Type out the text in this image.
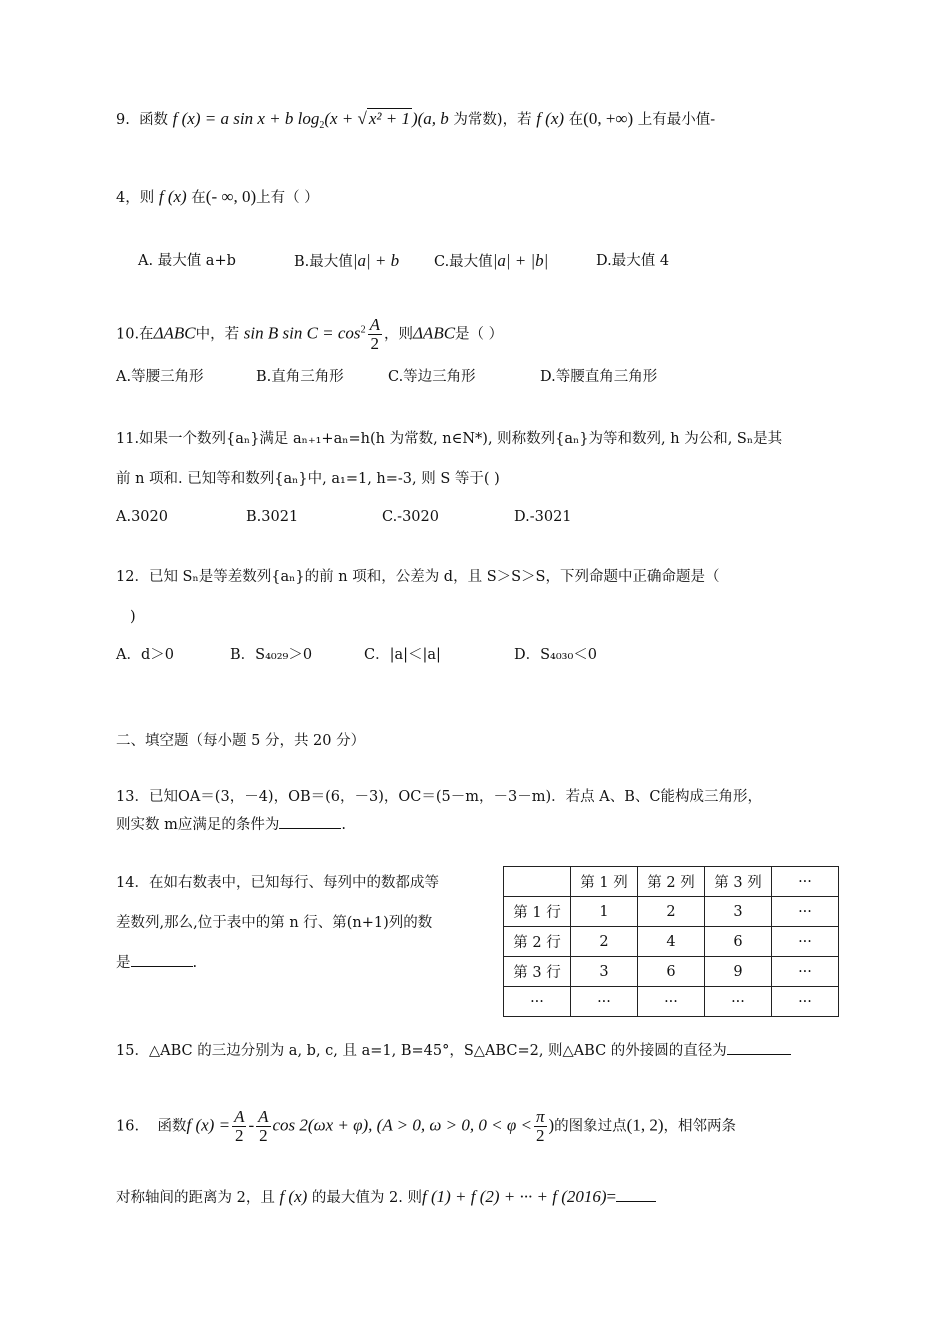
9. 函数 f (x) = a sin x + b $\log_2(x$ + √ x² + 1 )(a, b 为常数)，若 f (x) 在(0, +∞) 上有最小值-
4，则 f (x) 在(- ∞, 0)上有（ ）
A. 最大值 a+b	B.最大值|a| + b C.最大值|a| + |b|	D.最大值 4
10.在ΔABC中，若 sin B $\sin C = \cos^2 \frac{A}{2}$ ，则ΔABC是（ ）
A.等腰三角形	B.直角三角形	C.等边三角形	D.等腰直角三角形
11.如果一个数列{aₙ}满足 aₙ₊₁+aₙ=h(h 为常数, n∈N*), 则称数列{aₙ}为等和数列, h 为公和, Sₙ是其
前 n 项和. 已知等和数列{aₙ}中, a₁=1, h=-3, 则 S 等于( )
A.3020	B.3021	C.-3020	D.-3021
12．已知 Sₙ是等差数列{aₙ}的前 n 项和，公差为 d，且 S＞S＞S，下列命题中正确命题是（
)
A．d＞0	B．S₄₀₂₉＞0	C．|a|＜|a|	D．S₄₀₃₀＜0
二、填空题（每小题 5 分，共 20 分）
13．已知OA＝(3，－4)，OB＝(6，－3)，OC＝(5－m，－3－m)．若点 A、B、C能构成三角形，
则实数 m应满足的条件为	.
14．在如右数表中，已知每行、每列中的数都成等
差数列,那么,位于表中的第 n 行、第(n+1)列的数
是	.
	第 1 列	第 2 列	第 3 列	···
第 1 行	1	2	3	···
第 2 行	2	4	6	···
第 3 行	3	6	9	···
···	···	···	···	···
15．△ABC 的三边分别为 a, b, c, 且 a=1, B=45°，S△ABC=2, 则△ABC 的外接圆的直径为
16. 函数f $(x) = \frac{A}{2} - \frac{A}{2}$ cos 2(ωx + φ), (A > 0, ω > 0, $0 < \varphi < \frac{\pi}{2}$ )的图象过点(1, 2)，相邻两条
对称轴间的距离为 2，且 f (x) 的最大值为 2. 则f (1) + f (2) + ··· + f (2016)=
